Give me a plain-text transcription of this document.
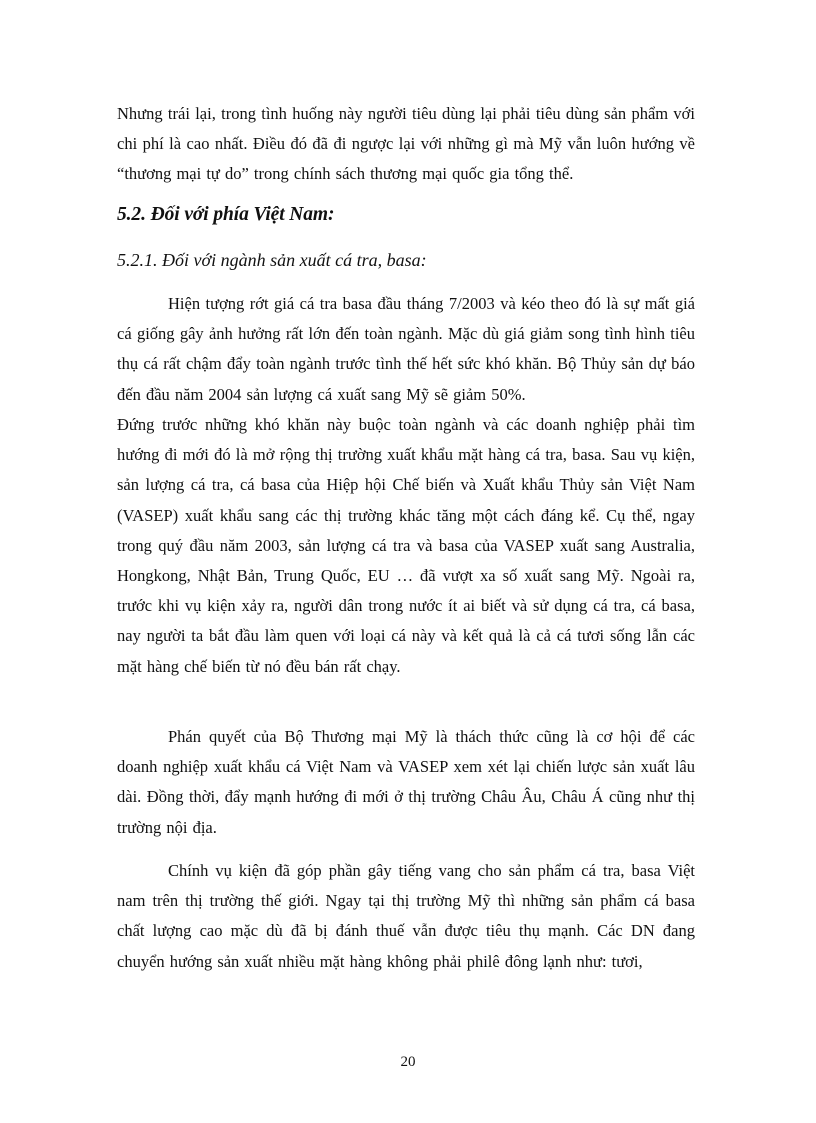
Nhưng trái lại, trong tình huống này người tiêu dùng lại phải tiêu dùng sản phẩm với chi phí là cao nhất. Điều đó đã đi ngược lại với những gì mà Mỹ vẫn luôn hướng về “thương mại tự do” trong chính sách thương mại quốc gia tổng thể.

5.2. Đối với phía Việt Nam:
5.2.1. Đối với ngành sản xuất cá tra, basa:

Hiện tượng rớt giá cá tra basa đầu tháng 7/2003 và kéo theo đó là sự mất giá cá giống gây ảnh hưởng rất lớn đến toàn ngành. Mặc dù giá giảm song tình hình tiêu thụ cá rất chậm đẩy toàn ngành trước tình thế hết sức khó khăn. Bộ Thủy sản dự báo đến đầu năm 2004 sản lượng cá xuất sang Mỹ sẽ giảm 50%.

Đứng trước những khó khăn này buộc toàn ngành và các doanh nghiệp phải tìm hướng đi mới đó là mở rộng thị trường xuất khẩu mặt hàng cá tra, basa. Sau vụ kiện, sản lượng cá tra, cá basa của Hiệp hội Chế biến và Xuất khẩu Thủy sản Việt Nam (VASEP) xuất khẩu sang các thị trường khác tăng một cách đáng kể. Cụ thể, ngay trong quý đầu năm 2003, sản lượng cá tra và basa của VASEP xuất sang Australia, Hongkong, Nhật Bản, Trung Quốc, EU … đã vượt xa số xuất sang Mỹ. Ngoài ra, trước khi vụ kiện xảy ra, người dân trong nước ít ai biết và sử dụng cá tra, cá basa, nay người ta bắt đầu làm quen với loại cá này và kết quả là cả cá tươi sống lẫn các mặt hàng chế biến từ nó đều bán rất chạy.

Phán quyết của Bộ Thương mại Mỹ là thách thức cũng là cơ hội để các doanh nghiệp xuất khẩu cá Việt Nam và VASEP xem xét lại chiến lược sản xuất lâu dài. Đồng thời, đẩy mạnh hướng đi mới ở thị trường Châu Âu, Châu Á cũng như thị trường nội địa.

Chính vụ kiện đã góp phần gây tiếng vang cho sản phẩm cá tra, basa Việt nam trên thị trường thế giới. Ngay tại thị trường Mỹ thì những sản phẩm cá basa chất lượng cao mặc dù đã bị đánh thuế vẫn được tiêu thụ mạnh. Các DN đang chuyển hướng sản xuất nhiều mặt hàng không phải philê đông lạnh như: tươi,

20
